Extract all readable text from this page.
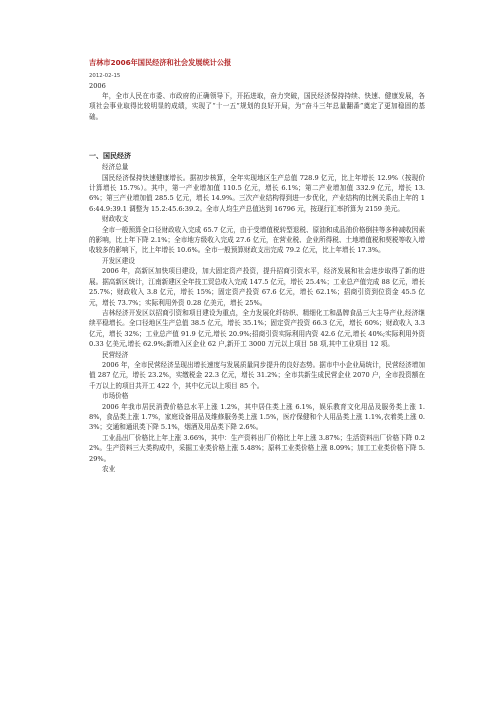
吉林市2006年国民经济和社会发展统计公报
2012-02-15
2006

年，全市人民在市委、市政府的正确领导下，开拓进取，奋力突破，国民经济保持持续、快速、健康发展，各项社会事业取得比较明显的成绩，实现了“十一五”规划的良好开局，为“奋斗三年总量翻番”奠定了更加稳固的基础。

一、国民经济
经济总量

国民经济保持快速健康增长。据初步核算，全年实现地区生产总值 728.9 亿元，比上年增长 12.9%（按现价计算增长 15.7%）。其中，第一产业增加值 110.5 亿元，增长 6.1%；第二产业增加值 332.9 亿元，增长 13.6%；第三产业增加值 285.5 亿元，增长 14.9%。三次产业结构得到进一步优化，产业结构的比例关系由上年的 16:44.9:39.1 调整为 15.2:45.6:39.2。全市人均生产总值达到 16796 元，按现行汇率折算为 2159 美元。

财政收支

全市一般预算全口径财政收入完成 65.7 亿元，由于受增值税转型退税、原油和成品油价格倒挂等多种减收因素的影响，比上年下降 2.1%；全市地方级收入完成 27.6 亿元，在营业税、企业所得税、土地增值税和契税等收入增收较多的影响下，比上年增长 10.6%。全市一般预算财政支出完成 79.2 亿元，比上年增长 17.3%。

开发区建设

2006 年，高新区加快项目建设，加大固定资产投资，提升招商引资水平，经济发展和社会进步取得了新的进展。据高新区统计，江南新建区全年技工贸总收入完成 147.5 亿元，增长 25.4%；工业总产值完成 88 亿元，增长 25.7%；财政收入 3.8 亿元，增长 15%；固定资产投资 67.6 亿元，增长 62.1%；招商引资到位资金 45.5 亿元，增长 73.7%；实际利用外资 0.28 亿美元，增长 25%。

吉林经济开发区以招商引资和项目建设为重点，全力发展化纤纺织、精细化工和晶牌食品三大主导产业,经济继续平稳增长。全口径地区生产总值 38.5 亿元，增长 35.1%；固定资产投资 66.3 亿元，增长 60%；财政收入 3.3 亿元，增长 32%；工业总产值 91.9 亿元,增长 20.9%;招商引资实际利用内资 42.6 亿元,增长 40%;实际利用外资 0.33 亿美元,增长 62.9%;新增入区企业 62 户,新开工 3000 万元以上项目 58 项,其中工业项目 12 项。

民营经济

2006 年，全市民营经济呈现出增长速度与发展质量同步提升的良好态势。据市中小企业局统计，民营经济增加值 287 亿元，增长 23.2%，实缴税金 22.3 亿元，增长 31.2%；全市共新生成民营企业 2070 户，全市投资额在千万以上的项目共开工 422 个，其中亿元以上项目 85 个。

市场价格

2006 年我市居民消费价格总水平上涨 1.2%，其中居住类上涨 6.1%，娱乐教育文化用品及服务类上涨 1.8%，食品类上涨 1.7%，家庭设备用品及维修服务类上涨 1.5%，医疗保健和个人用品类上涨 1.1%,衣着类上涨 0.3%；交通和通讯类下降 5.1%，烟酒及用品类下降 2.6%。

工业品出厂价格比上年上涨 3.66%，其中：生产资料出厂价格比上年上涨 3.87%；生活资料出厂价格下降 0.22%。生产资料三大类构成中，采掘工业类价格上涨 5.48%；原料工业类价格上涨 8.09%；加工工业类价格下降 5.29%。

农业
